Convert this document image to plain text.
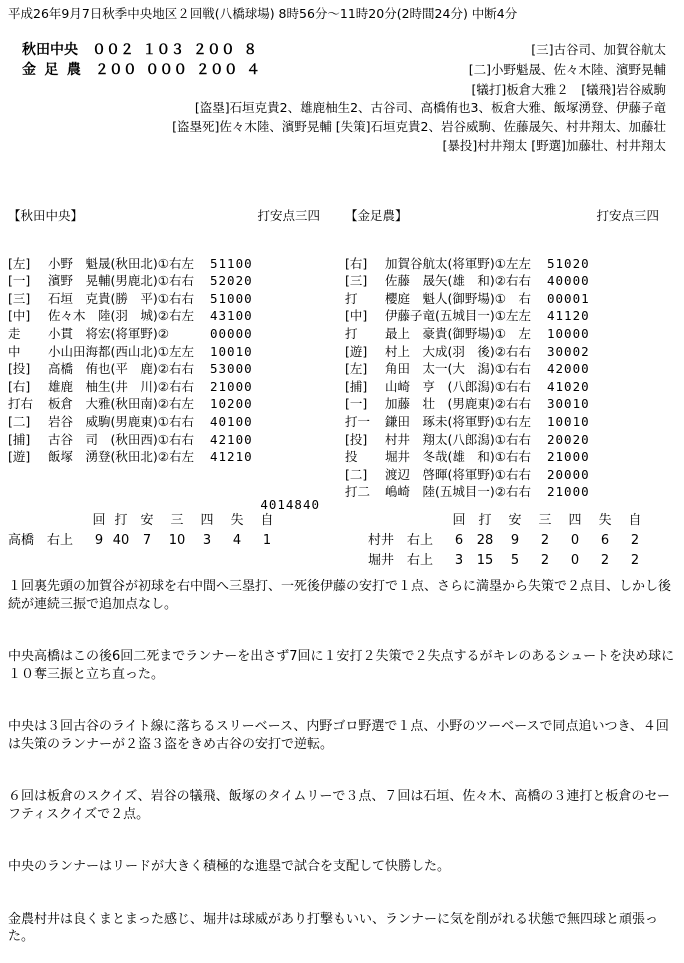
平成26年9月7日秋季中央地区２回戦(八橋球場) 8時56分～11時20分(2時間24分) 中断4分
秋田中央　 ００２ １０３ ２００ ８
金 足 農　 ２００ ０００ ２００ ４
[三]古谷司、加賀谷航太
[二]小野魁晟、佐々木陸、濱野晃輔
[犠打]板倉大雅２　[犠飛]岩谷威駒
[盗塁]石垣克貴2、雄鹿柚生2、古谷司、高橋侑也3、板倉大雅、飯塚湧登、伊藤子竜
[盗塁死]佐々木陸、濱野晃輔 [失策]石垣克貴2、岩谷威駒、佐藤晟矢、村井翔太、加藤壮
[暴投]村井翔太 [野選]加藤壮、村井翔太

【秋田中央】	打安点三四

[左]	小野　魁晟(秋田北)①右左	51100
[一]	濱野　晃輔(男鹿北)①右右	52020
[三]	石垣　克貴(勝　平)①右右	51000
[中]	佐々木　陸(羽　城)②右左	43100
走	小貫　将宏(将軍野)②	00000
中	小山田海都(西山北)①左左	10010
[投]	高橋　侑也(平　鹿)②右右	53000
[右]	雄鹿　柚生(井　川)②右右	21000
打右	板倉　大雅(秋田南)②右左	10200
[二]	岩谷　威駒(男鹿東)①右右	40100
[捕]	古谷　司　(秋田西)①右右	42100
[遊]	飯塚　湧登(秋田北)②右左	41210

4014840

【金足農】	打安点三四

[右]	加賀谷航太(将軍野)①左左	51020
[三]	佐藤　晟矢(雄　和)②右右	40000
打	櫻庭　魁人(御野場)①　右	00001
[中]	伊藤子竜(五城目一)①左左	41120
打	最上　豪貴(御野場)①　左	10000
[遊]	村上　大成(羽　後)②右右	30002
[左]	角田　太一(大　潟)①右右	42000
[捕]	山崎　亨　(八郎潟)①右右	41020
[一]	加藤　壮　(男鹿東)②右右	30010
打一	鎌田　琢未(将軍野)①右左	10010
[投]	村井　翔太(八郎潟)①右右	20020
投	堀井　冬哉(雄　和)①右右	21000
[二]	渡辺　啓暉(将軍野)①右右	20000
打二	嶋崎　陸(五城目一)②右右	21000

	回	打	安	三	四	失	自
高橋　 右上	9	40	7	10	3	4	1

	回	打	安	三	四	失	自
村井　 右上	6	28	9	2	0	6	2
堀井　 右上	3	15	5	2	0	2	2

１回裏先頭の加賀谷が初球を右中間へ三塁打、一死後伊藤の安打で１点、さらに満塁から失策で２点目、しかし後続が連続三振で追加点なし。

中央高橋はこの後6回二死までランナーを出さず7回に１安打２失策で２失点するがキレのあるシュートを決め球に１０奪三振と立ち直った。

中央は３回古谷のライト線に落ちるスリーベース、内野ゴロ野選で１点、小野のツーベースで同点追いつき、４回は失策のランナーが２盗３盗をきめ古谷の安打で逆転。

６回は板倉のスクイズ、岩谷の犠飛、飯塚のタイムリーで３点、７回は石垣、佐々木、高橋の３連打と板倉のセーフティスクイズで２点。

中央のランナーはリードが大きく積極的な進塁で試合を支配して快勝した。

金農村井は良くまとまった感じ、堀井は球威があり打撃もいい、ランナーに気を削がれる状態で無四球と頑張った。
